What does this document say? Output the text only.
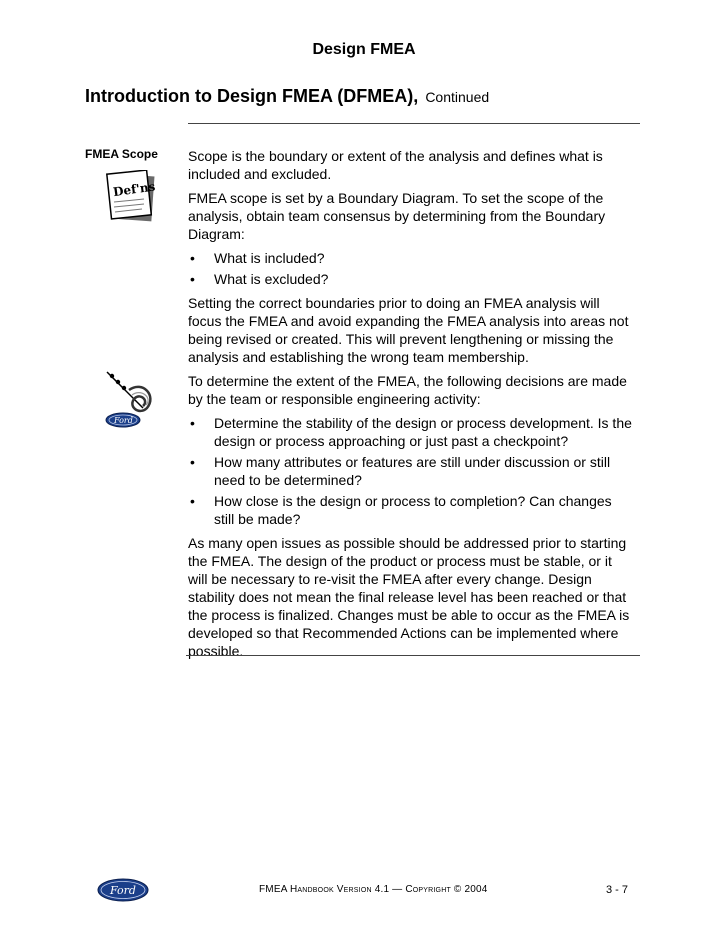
Design FMEA
Introduction to Design FMEA (DFMEA), Continued
FMEA Scope
Def'ns
Ford

Scope is the boundary or extent of the analysis and defines what is included and excluded.

FMEA scope is set by a Boundary Diagram. To set the scope of the analysis, obtain team consensus by determining from the Boundary Diagram:

• What is included?
• What is excluded?

Setting the correct boundaries prior to doing an FMEA analysis will focus the FMEA and avoid expanding the FMEA analysis into areas not being revised or created. This will prevent lengthening or missing the analysis and establishing the wrong team membership.

To determine the extent of the FMEA, the following decisions are made by the team or responsible engineering activity:

• Determine the stability of the design or process development. Is the design or process approaching or just past a checkpoint?
• How many attributes or features are still under discussion or still need to be determined?
• How close is the design or process to completion? Can changes still be made?

As many open issues as possible should be addressed prior to starting the FMEA. The design of the product or process must be stable, or it will be necessary to re-visit the FMEA after every change. Design stability does not mean the final release level has been reached or that the process is finalized. Changes must be able to occur as the FMEA is developed so that Recommended Actions can be implemented where possible.

Ford	FMEA Handbook Version 4.1 — Copyright © 2004	3 - 7
